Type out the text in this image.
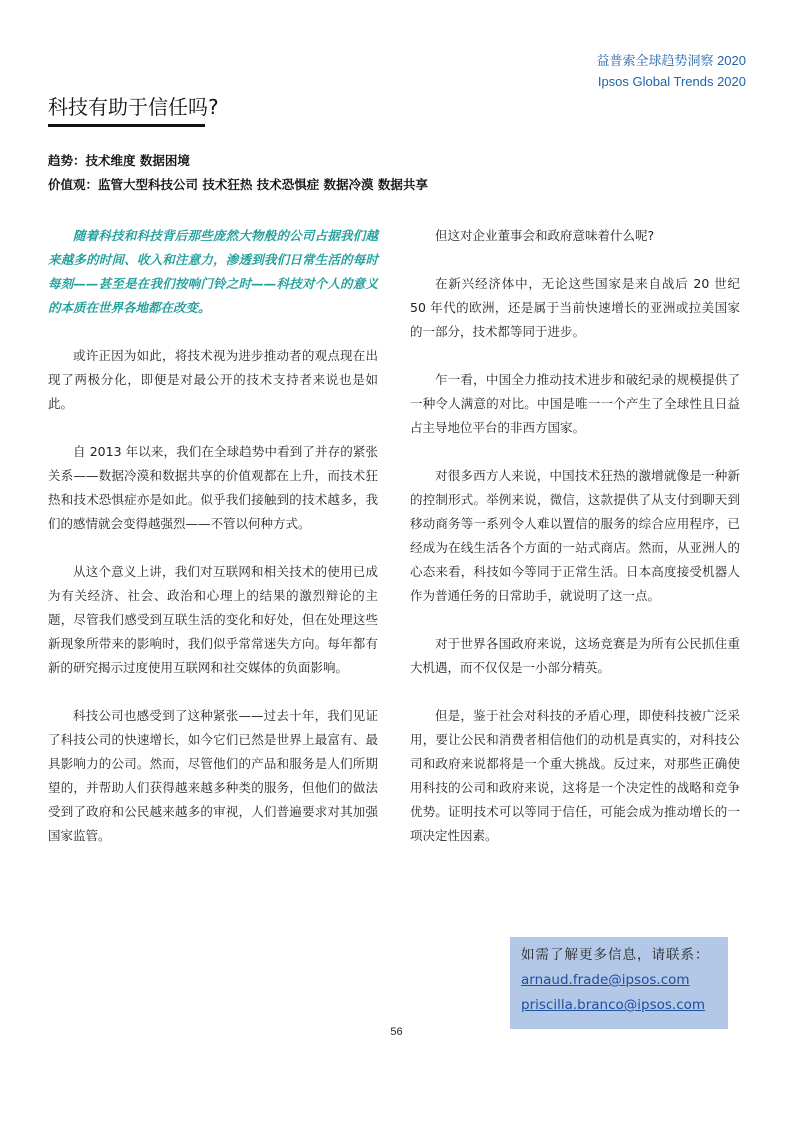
益普索全球趋势洞察 2020
Ipsos Global Trends 2020
科技有助于信任吗?
趋势：技术维度 数据困境
价值观：监管大型科技公司 技术狂热 技术恐惧症 数据冷漠 数据共享

随着科技和科技背后那些庞然大物般的公司占据我们越来越多的时间、收入和注意力，渗透到我们日常生活的每时每刻——甚至是在我们按响门铃之时——科技对个人的意义的本质在世界各地都在改变。

或许正因为如此，将技术视为进步推动者的观点现在出现了两极分化，即便是对最公开的技术支持者来说也是如此。

自 2013 年以来，我们在全球趋势中看到了并存的紧张关系——数据冷漠和数据共享的价值观都在上升，而技术狂热和技术恐惧症亦是如此。似乎我们接触到的技术越多，我们的感情就会变得越强烈——不管以何种方式。

从这个意义上讲，我们对互联网和相关技术的使用已成为有关经济、社会、政治和心理上的结果的激烈辩论的主题，尽管我们感受到互联生活的变化和好处，但在处理这些新现象所带来的影响时，我们似乎常常迷失方向。每年都有新的研究揭示过度使用互联网和社交媒体的负面影响。

科技公司也感受到了这种紧张——过去十年，我们见证了科技公司的快速增长，如今它们已然是世界上最富有、最具影响力的公司。然而，尽管他们的产品和服务是人们所期望的，并帮助人们获得越来越多种类的服务，但他们的做法受到了政府和公民越来越多的审视，人们普遍要求对其加强国家监管。

但这对企业董事会和政府意味着什么呢?

在新兴经济体中，无论这些国家是来自战后 20 世纪 50 年代的欧洲，还是属于当前快速增长的亚洲或拉美国家的一部分，技术都等同于进步。

乍一看，中国全力推动技术进步和破纪录的规模提供了一种令人满意的对比。中国是唯一一个产生了全球性且日益占主导地位平台的非西方国家。

对很多西方人来说，中国技术狂热的激增就像是一种新的控制形式。举例来说，微信，这款提供了从支付到聊天到移动商务等一系列令人难以置信的服务的综合应用程序，已经成为在线生活各个方面的一站式商店。然而，从亚洲人的心态来看，科技如今等同于正常生活。日本高度接受机器人作为普通任务的日常助手，就说明了这一点。

对于世界各国政府来说，这场竞赛是为所有公民抓住重大机遇，而不仅仅是一小部分精英。

但是，鉴于社会对科技的矛盾心理，即使科技被广泛采用，要让公民和消费者相信他们的动机是真实的，对科技公司和政府来说都将是一个重大挑战。反过来，对那些正确使用科技的公司和政府来说，这将是一个决定性的战略和竞争优势。证明技术可以等同于信任，可能会成为推动增长的一项决定性因素。

如需了解更多信息，请联系：
arnaud.frade@ipsos.com
priscilla.branco@ipsos.com
56
